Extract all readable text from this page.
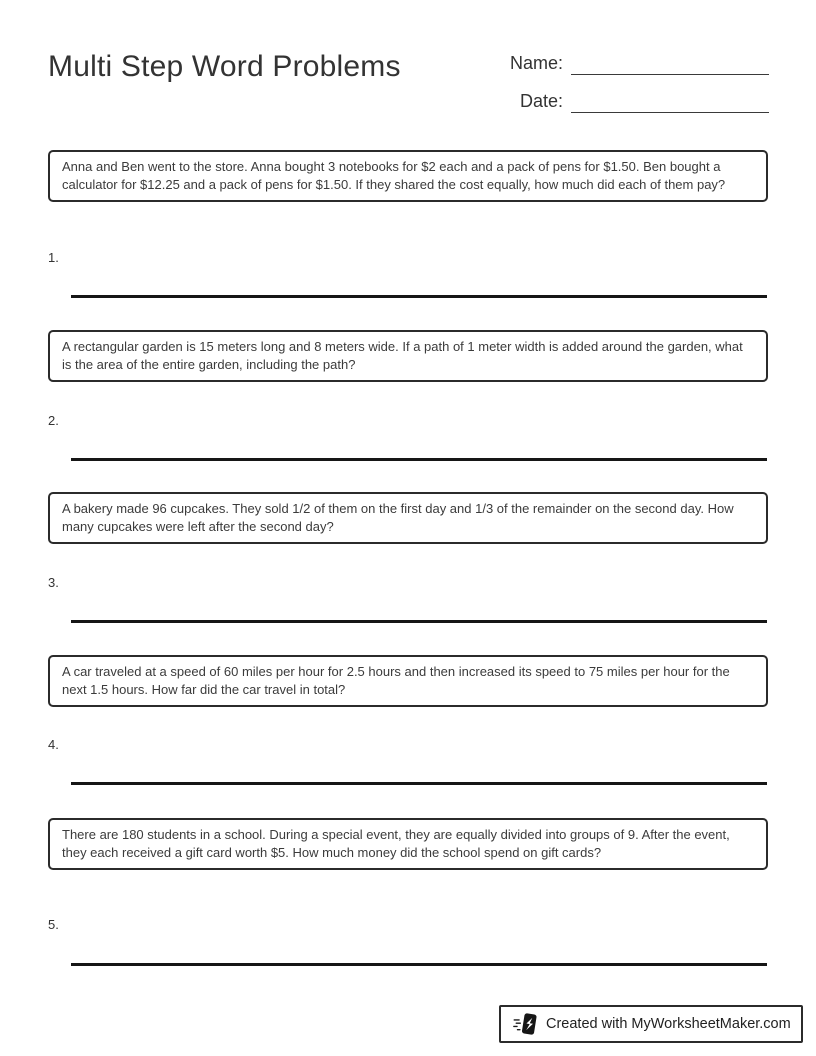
Multi Step Word Problems	Name:
Date:
Anna and Ben went to the store. Anna bought 3 notebooks for $2 each and a pack of pens for $1.50. Ben bought a calculator for $12.25 and a pack of pens for $1.50. If they shared the cost equally, how much did each of them pay?
1.
A rectangular garden is 15 meters long and 8 meters wide. If a path of 1 meter width is added around the garden, what is the area of the entire garden, including the path?
2.
A bakery made 96 cupcakes. They sold 1/2 of them on the first day and 1/3 of the remainder on the second day. How many cupcakes were left after the second day?
3.
A car traveled at a speed of 60 miles per hour for 2.5 hours and then increased its speed to 75 miles per hour for the next 1.5 hours. How far did the car travel in total?
4.
There are 180 students in a school. During a special event, they are equally divided into groups of 9. After the event, they each received a gift card worth $5. How much money did the school spend on gift cards?
5.
Created with MyWorksheetMaker.com
